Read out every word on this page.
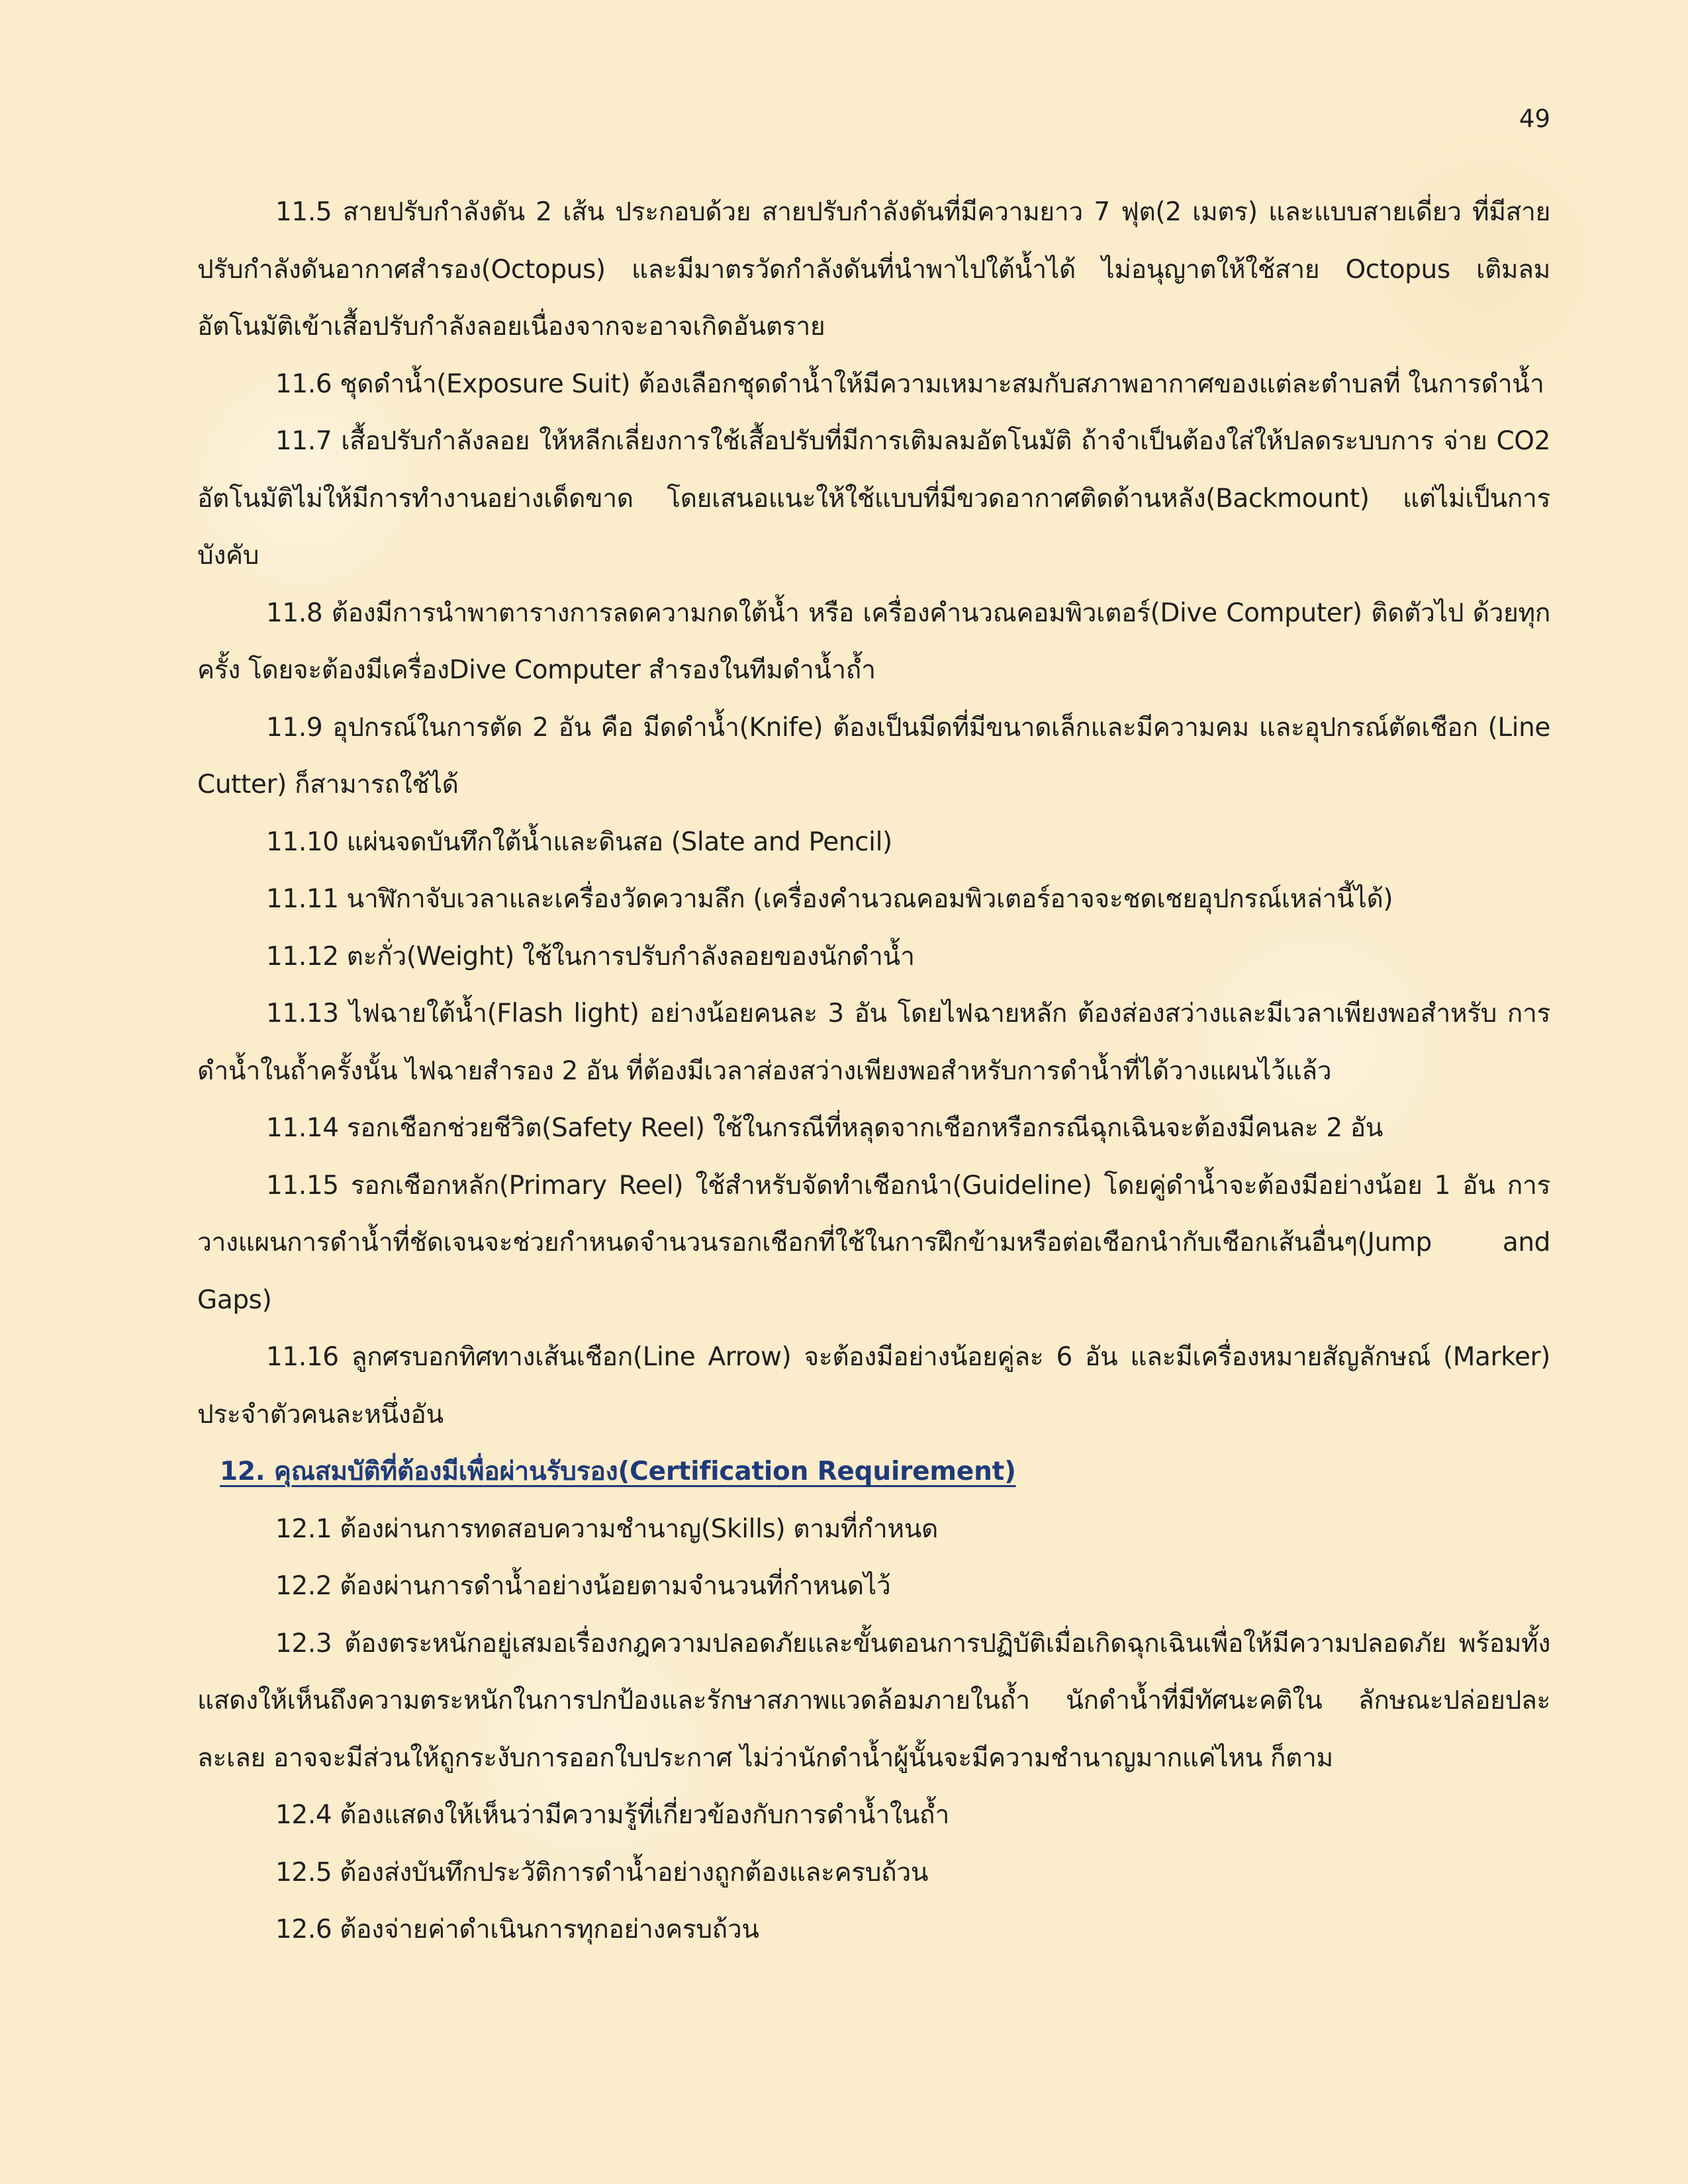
49

11.5 สายปรับกำลังดัน 2 เส้น ประกอบด้วย สายปรับกำลังดันที่มีความยาว 7 ฟุต(2 เมตร) และแบบสายเดี่ยว ที่มีสายปรับกำลังดันอากาศสำรอง(Octopus) และมีมาตรวัดกำลังดันที่นำพาไปใต้น้ำได้ ไม่อนุญาตให้ใช้สาย Octopus เติมลมอัตโนมัติเข้าเสื้อปรับกำลังลอยเนื่องจากจะอาจเกิดอันตราย

11.6 ชุดดำน้ำ(Exposure Suit) ต้องเลือกชุดดำน้ำให้มีความเหมาะสมกับสภาพอากาศของแต่ละตำบลที่ ในการดำน้ำ

11.7 เสื้อปรับกำลังลอย ให้หลีกเลี่ยงการใช้เสื้อปรับที่มีการเติมลมอัตโนมัติ ถ้าจำเป็นต้องใส่ให้ปลดระบบการ จ่าย CO2 อัตโนมัติไม่ให้มีการทำงานอย่างเด็ดขาด โดยเสนอแนะให้ใช้แบบที่มีขวดอากาศติดด้านหลัง(Backmount) แต่ไม่เป็นการบังคับ

11.8 ต้องมีการนำพาตารางการลดความกดใต้น้ำ หรือ เครื่องคำนวณคอมพิวเตอร์(Dive Computer) ติดตัวไป ด้วยทุกครั้ง โดยจะต้องมีเครื่องDive Computer สำรองในทีมดำน้ำถ้ำ

11.9 อุปกรณ์ในการตัด 2 อัน คือ มีดดำน้ำ(Knife) ต้องเป็นมีดที่มีขนาดเล็กและมีความคม และอุปกรณ์ตัดเชือก (Line Cutter) ก็สามารถใช้ได้

11.10 แผ่นจดบันทึกใต้น้ำและดินสอ (Slate and Pencil)

11.11 นาฬิกาจับเวลาและเครื่องวัดความลึก (เครื่องคำนวณคอมพิวเตอร์อาจจะชดเชยอุปกรณ์เหล่านี้ได้)

11.12 ตะกั่ว(Weight) ใช้ในการปรับกำลังลอยของนักดำน้ำ

11.13 ไฟฉายใต้น้ำ(Flash light) อย่างน้อยคนละ 3 อัน โดยไฟฉายหลัก ต้องส่องสว่างและมีเวลาเพียงพอสำหรับ การดำน้ำในถ้ำครั้งนั้น ไฟฉายสำรอง 2 อัน ที่ต้องมีเวลาส่องสว่างเพียงพอสำหรับการดำน้ำที่ได้วางแผนไว้แล้ว

11.14 รอกเชือกช่วยชีวิต(Safety Reel) ใช้ในกรณีที่หลุดจากเชือกหรือกรณีฉุกเฉินจะต้องมีคนละ 2 อัน

11.15 รอกเชือกหลัก(Primary Reel) ใช้สำหรับจัดทำเชือกนำ(Guideline) โดยคู่ดำน้ำจะต้องมีอย่างน้อย 1 อัน การ วางแผนการดำน้ำที่ชัดเจนจะช่วยกำหนดจำนวนรอกเชือกที่ใช้ในการฝึกข้ามหรือต่อเชือกนำกับเชือกเส้นอื่นๆ(Jump and Gaps)

11.16 ลูกศรบอกทิศทางเส้นเชือก(Line Arrow) จะต้องมีอย่างน้อยคู่ละ 6 อัน และมีเครื่องหมายสัญลักษณ์ (Marker) ประจำตัวคนละหนึ่งอัน

12. คุณสมบัติที่ต้องมีเพื่อผ่านรับรอง(Certification Requirement)

12.1 ต้องผ่านการทดสอบความชำนาญ(Skills) ตามที่กำหนด

12.2 ต้องผ่านการดำน้ำอย่างน้อยตามจำนวนที่กำหนดไว้

12.3 ต้องตระหนักอยู่เสมอเรื่องกฎความปลอดภัยและขั้นตอนการปฏิบัติเมื่อเกิดฉุกเฉินเพื่อให้มีความปลอดภัย พร้อมทั้งแสดงให้เห็นถึงความตระหนักในการปกป้องและรักษาสภาพแวดล้อมภายในถ้ำ นักดำน้ำที่มีทัศนะคติใน ลักษณะปล่อยปละละเลย อาจจะมีส่วนให้ถูกระงับการออกใบประกาศ ไม่ว่านักดำน้ำผู้นั้นจะมีความชำนาญมากแค่ไหน ก็ตาม

12.4 ต้องแสดงให้เห็นว่ามีความรู้ที่เกี่ยวข้องกับการดำน้ำในถ้ำ

12.5 ต้องส่งบันทึกประวัติการดำน้ำอย่างถูกต้องและครบถ้วน

12.6 ต้องจ่ายค่าดำเนินการทุกอย่างครบถ้วน
